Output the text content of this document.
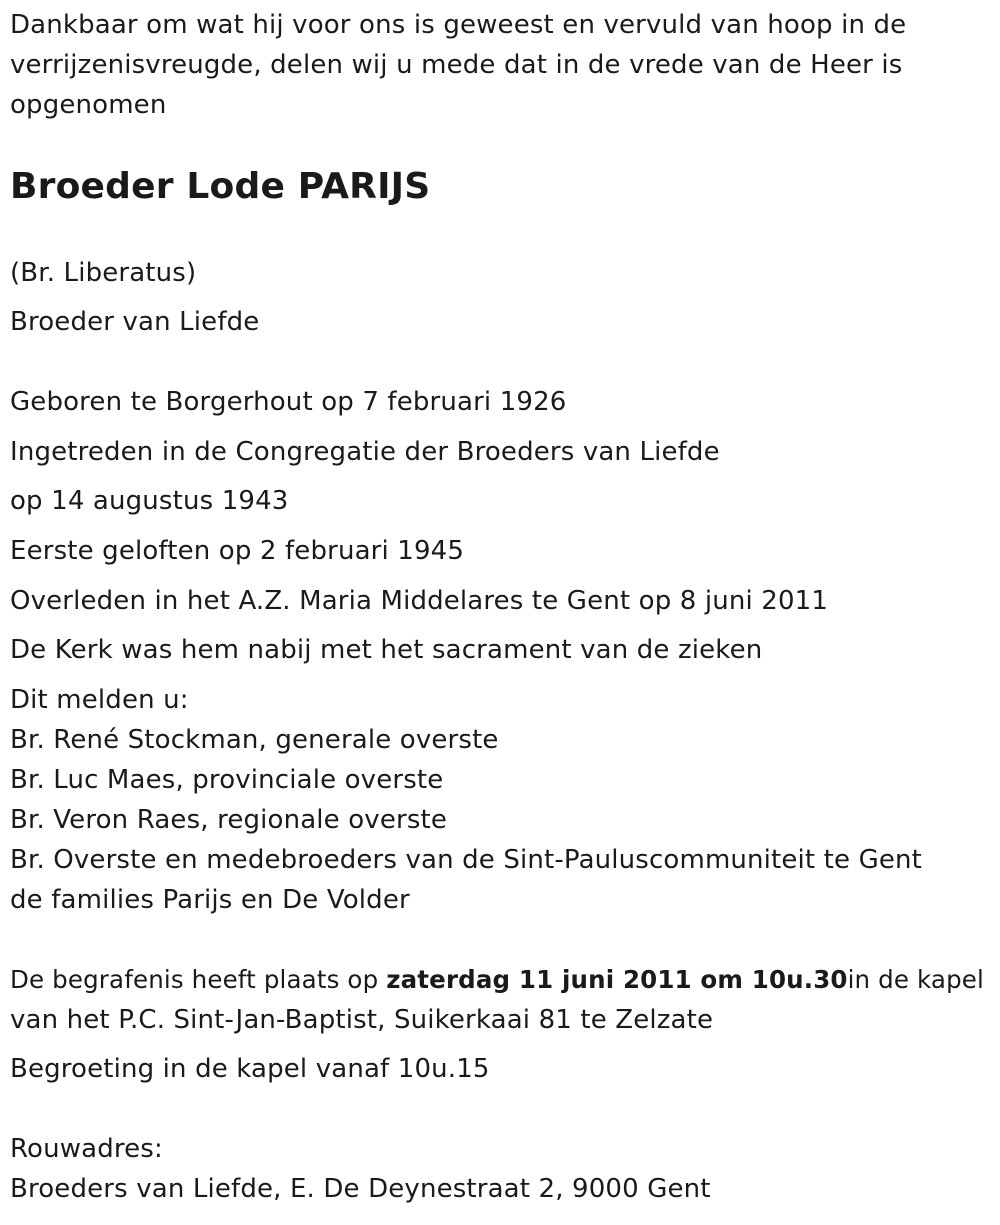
Dankbaar om wat hij voor ons is geweest en vervuld van hoop in de verrijzenisvreugde, delen wij u mede dat in de vrede van de Heer is opgenomen
Broeder Lode PARIJS
(Br. Liberatus)
Broeder van Liefde
Geboren te Borgerhout op 7 februari 1926
Ingetreden in de Congregatie der Broeders van Liefde
op 14 augustus 1943
Eerste geloften op 2 februari 1945
Overleden in het A.Z. Maria Middelares te Gent op 8 juni 2011
De Kerk was hem nabij met het sacrament van de zieken
Dit melden u:
Br. René Stockman, generale overste
Br. Luc Maes, provinciale overste
Br. Veron Raes, regionale overste
Br. Overste en medebroeders van de Sint-Pauluscommuniteit te Gent
de families Parijs en De Volder
De begrafenis heeft plaats op zaterdag 11 juni 2011 om 10u.30in de kapel
van het P.C. Sint-Jan-Baptist, Suikerkaai 81 te Zelzate
Begroeting in de kapel vanaf 10u.15
Rouwadres:
Broeders van Liefde, E. De Deynestraat 2, 9000 Gent
